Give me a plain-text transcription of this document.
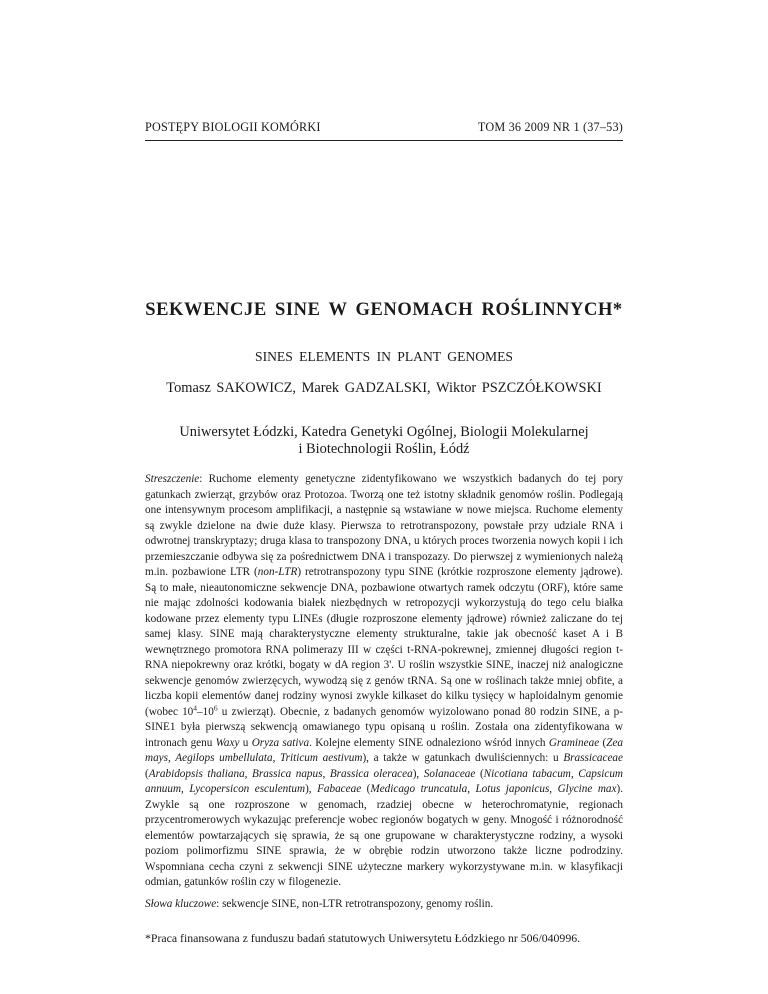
POSTĘPY BIOLOGII KOMÓRKI	TOM 36 2009 NR 1 (37–53)
SEKWENCJE SINE W GENOMACH ROŚLINNYCH*
SINES ELEMENTS IN PLANT GENOMES
Tomasz SAKOWICZ, Marek GADZALSKI, Wiktor PSZCZÓŁKOWSKI
Uniwersytet Łódzki, Katedra Genetyki Ogólnej, Biologii Molekularnej
i Biotechnologii Roślin, Łódź

Streszczenie: Ruchome elementy genetyczne zidentyfikowano we wszystkich badanych do tej pory gatunkach zwierząt, grzybów oraz Protozoa. Tworzą one też istotny składnik genomów roślin. Podlegają one intensywnym procesom amplifikacji, a następnie są wstawiane w nowe miejsca. Ruchome elementy są zwykle dzielone na dwie duże klasy. Pierwsza to retrotranspozony, powstałe przy udziale RNA i odwrotnej transkryptazy; druga klasa to transpozony DNA, u których proces tworzenia nowych kopii i ich przemieszczanie odbywa się za pośrednictwem DNA i transpozazy. Do pierwszej z wymienionych należą m.in. pozbawione LTR (non-LTR) retrotranspozony typu SINE (krótkie rozproszone elementy jądrowe). Są to małe, nieautonomiczne sekwencje DNA, pozbawione otwartych ramek odczytu (ORF), które same nie mając zdolności kodowania białek niezbędnych w retropozycji wykorzystują do tego celu białka kodowane przez elementy typu LINEs (długie rozproszone elementy jądrowe) również zaliczane do tej samej klasy. SINE mają charakterystyczne elementy strukturalne, takie jak obecność kaset A i B wewnętrznego promotora RNA polimerazy III w części t-RNA-pokrewnej, zmiennej długości region t-RNA niepokrewny oraz krótki, bogaty w dA region 3'. U roślin wszystkie SINE, inaczej niż analogiczne sekwencje genomów zwierzęcych, wywodzą się z genów tRNA. Są one w roślinach także mniej obfite, a liczba kopii elementów danej rodziny wynosi zwykle kilkaset do kilku tysięcy w haploidalnym genomie (wobec $10^4-10^6$ u zwierząt). Obecnie, z badanych genomów wyizolowano ponad 80 rodzin SINE, a p-SINE1 była pierwszą sekwencją omawianego typu opisaną u roślin. Została ona zidentyfikowana w intronach genu Waxy u Oryza sativa. Kolejne elementy SINE odnaleziono wśród innych Gramineae (Zea mays, Aegilops umbellulata, Triticum aestivum), a także w gatunkach dwuliściennych: u Brassicaceae (Arabidopsis thaliana, Brassica napus, Brassica oleracea), Solanaceae (Nicotiana tabacum, Capsicum annuum, Lycopersicon esculentum), Fabaceae (Medicago truncatula, Lotus japonicus, Glycine max). Zwykle są one rozproszone w genomach, rzadziej obecne w heterochromatynie, regionach przycentromerowych wykazując preferencje wobec regionów bogatych w geny. Mnogość i różnorodność elementów powtarzających się sprawia, że są one grupowane w charakterystyczne rodziny, a wysoki poziom polimorfizmu SINE sprawia, że w obrębie rodzin utworzono także liczne podrodziny. Wspomniana cecha czyni z sekwencji SINE użyteczne markery wykorzystywane m.in. w klasyfikacji odmian, gatunków roślin czy w filogenezie.

Słowa kluczowe: sekwencje SINE, non-LTR retrotranspozony, genomy roślin.

*Praca finansowana z funduszu badań statutowych Uniwersytetu Łódzkiego nr 506/040996.
